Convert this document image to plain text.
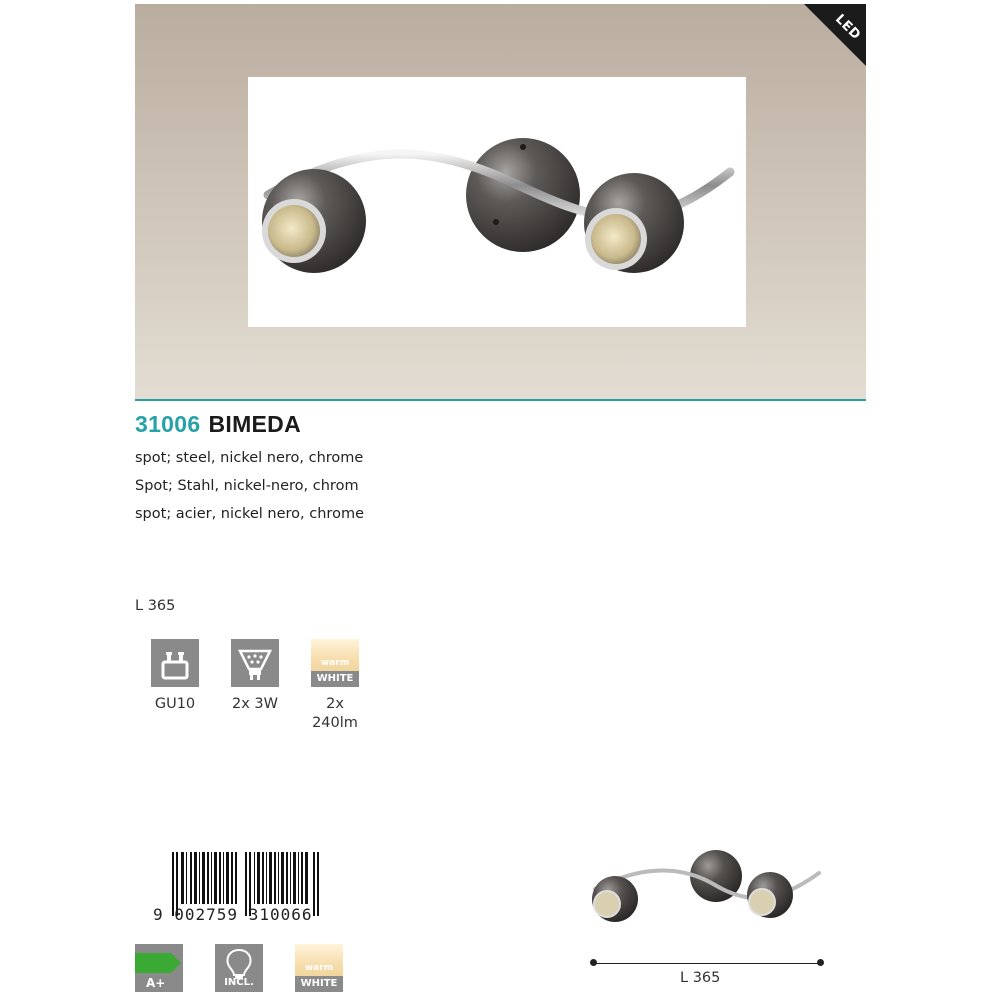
LED
31006 BIMEDA
spot; steel, nickel nero, chrome
Spot; Stahl, nickel-nero, chrom
spot; acier, nickel nero, chrome
L 365
GU10	2x 3W
warm
WHITE
2x
240lm
9 002759 310066
A+	INCL.
warm
WHITE	L 365
